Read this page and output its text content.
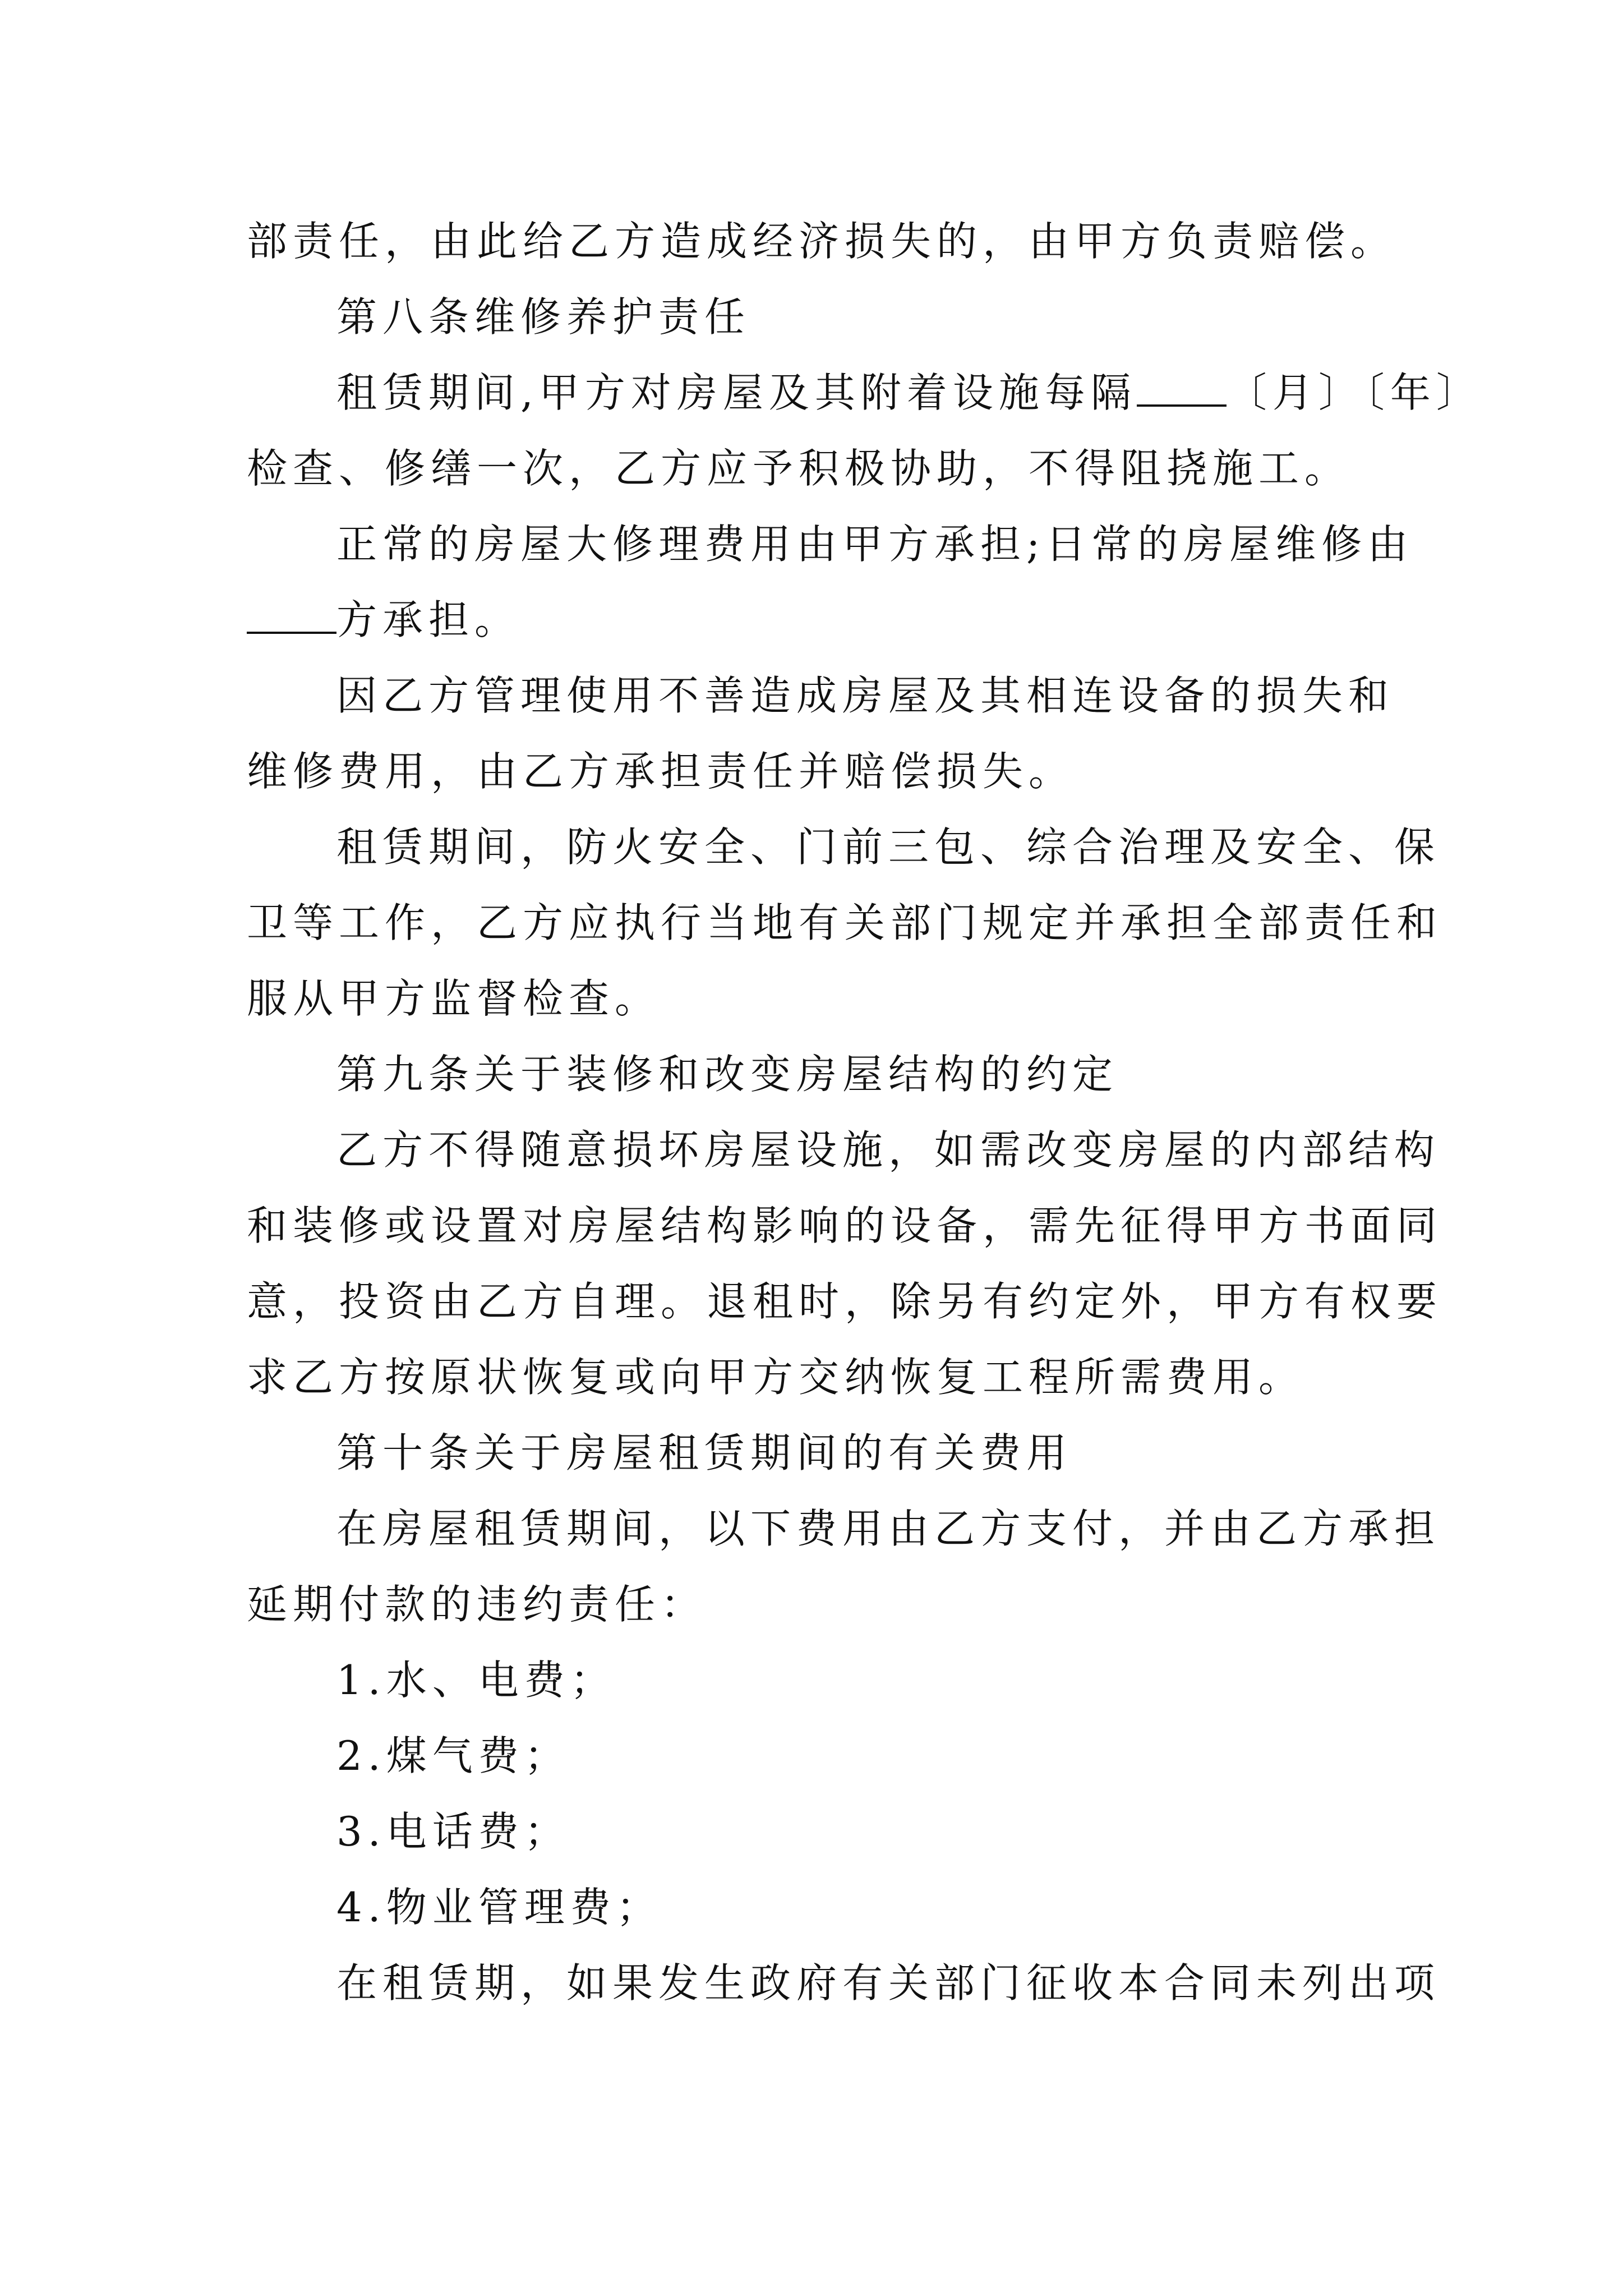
部责任，由此给乙方造成经济损失的，由甲方负责赔偿。
第八条维修养护责任
租赁期间,甲方对房屋及其附着设施每隔 〔月〕〔年〕
检查、修缮一次，乙方应予积极协助，不得阻挠施工。
正常的房屋大修理费用由甲方承担;日常的房屋维修由
方承担。
因乙方管理使用不善造成房屋及其相连设备的损失和
维修费用，由乙方承担责任并赔偿损失。
租赁期间，防火安全、门前三包、综合治理及安全、保
卫等工作，乙方应执行当地有关部门规定并承担全部责任和
服从甲方监督检查。
第九条关于装修和改变房屋结构的约定
乙方不得随意损坏房屋设施，如需改变房屋的内部结构
和装修或设置对房屋结构影响的设备，需先征得甲方书面同
意，投资由乙方自理。退租时，除另有约定外，甲方有权要
求乙方按原状恢复或向甲方交纳恢复工程所需费用。
第十条关于房屋租赁期间的有关费用
在房屋租赁期间，以下费用由乙方支付，并由乙方承担
延期付款的违约责任：
1.水、电费；
2.煤气费；
3.电话费；
4.物业管理费；
在租赁期，如果发生政府有关部门征收本合同未列出项
